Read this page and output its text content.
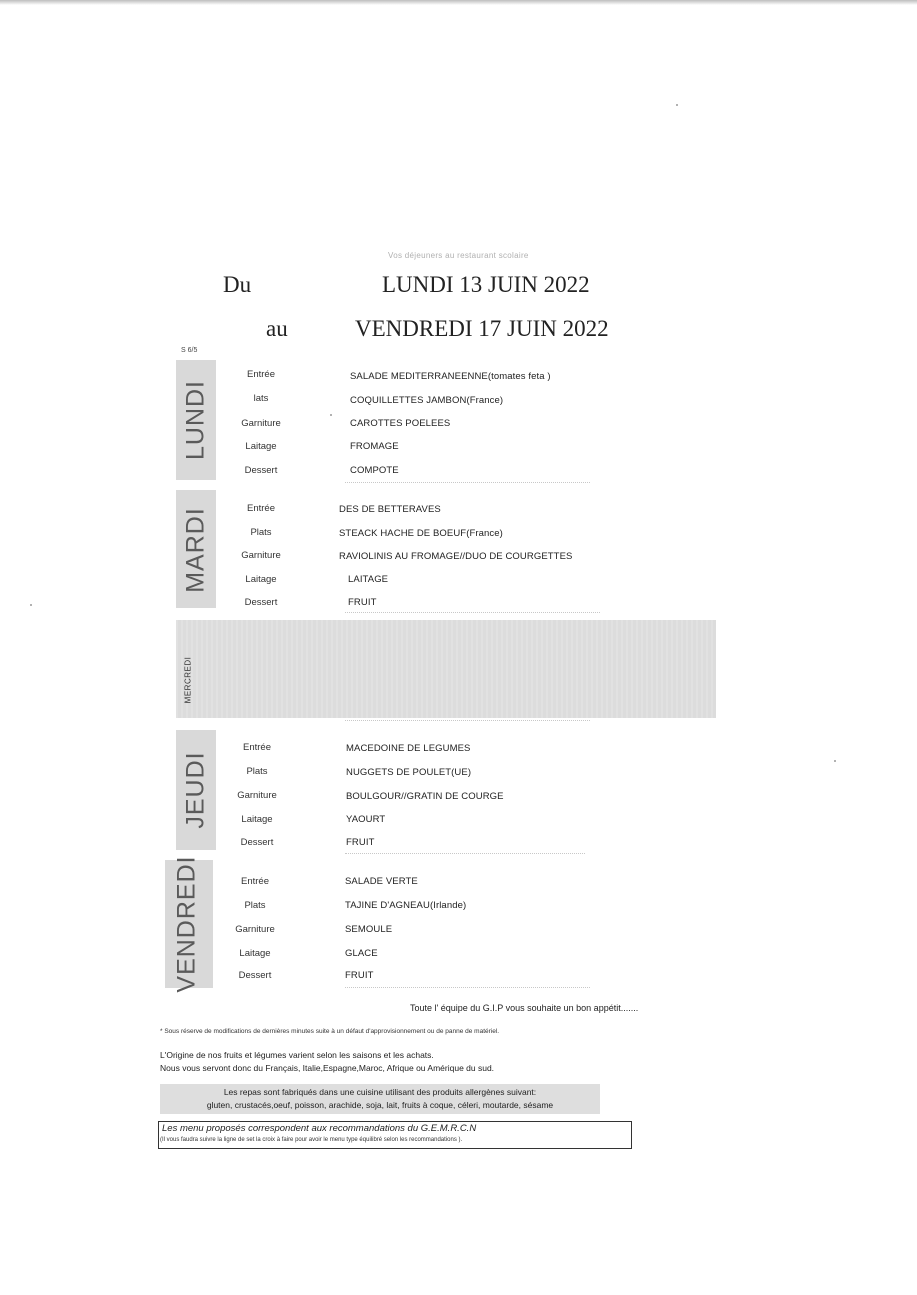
Vos déjeuners au restaurant scolaire
Du	LUNDI 13 JUIN 2022
au	VENDREDI 17 JUIN 2022
S 6/5
LUNDI
Entrée	SALADE MEDITERRANEENNE(tomates feta )
lats	COQUILLETTES JAMBON(France)
Garniture	CAROTTES POELEES
Laitage	FROMAGE
Dessert	COMPOTE
MARDI	Entrée	DES DE BETTERAVES
Plats	STEACK HACHE DE BOEUF(France)
Garniture	RAVIOLINIS AU FROMAGE//DUO DE COURGETTES
Laitage	LAITAGE
Dessert	FRUIT
MERCREDI
JEUDI
Entrée	MACEDOINE DE LEGUMES
Plats	NUGGETS DE POULET(UE)
Garniture	BOULGOUR//GRATIN DE COURGE
Laitage	YAOURT
Dessert	FRUIT
VENDREDI	Entrée	SALADE VERTE
Plats	TAJINE D'AGNEAU(Irlande)
Garniture	SEMOULE
Laitage	GLACE
Dessert	FRUIT
Toute l' équipe du G.I.P vous souhaite un bon appétit.......
* Sous réserve de modifications de dernières minutes suite à un défaut d'approvisionnement ou de panne de matériel.
L'Origine de nos fruits et légumes varient selon les saisons et les achats.
Nous vous servont donc du Français, Italie,Espagne,Maroc, Afrique ou Amérique du sud.
Les repas sont fabriqués dans une cuisine utilisant des produits allergènes suivant:
gluten, crustacés,oeuf, poisson, arachide, soja, lait, fruits à coque, céleri, moutarde, sésame
Les menu proposés correspondent aux recommandations du G.E.M.R.C.N
(Il vous faudra suivre la ligne de set la croix à faire pour avoir le menu type équilibré selon les recommandations ).
